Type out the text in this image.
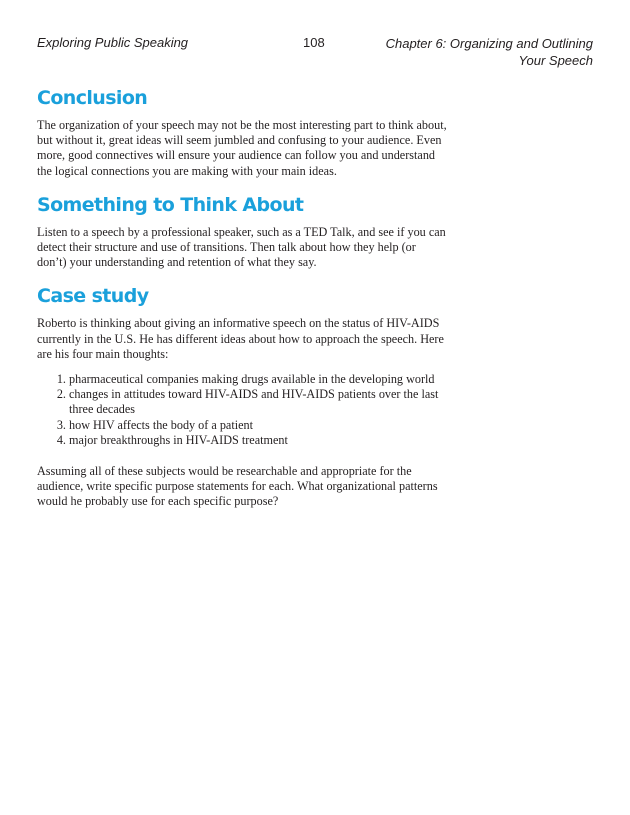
Exploring Public Speaking	108	Chapter 6: Organizing and Outlining
Your Speech
Conclusion

The organization of your speech may not be the most interesting part to think about, but without it, great ideas will seem jumbled and confusing to your audience. Even more, good connectives will ensure your audience can follow you and understand the logical connections you are making with your main ideas.

Something to Think About

Listen to a speech by a professional speaker, such as a TED Talk, and see if you can detect their structure and use of transitions. Then talk about how they help (or don’t) your understanding and retention of what they say.

Case study

Roberto is thinking about giving an informative speech on the status of HIV-AIDS currently in the U.S. He has different ideas about how to approach the speech. Here are his four main thoughts:

1. pharmaceutical companies making drugs available in the developing world
2. changes in attitudes toward HIV-AIDS and HIV-AIDS patients over the last three decades
3. how HIV affects the body of a patient
4. major breakthroughs in HIV-AIDS treatment

Assuming all of these subjects would be researchable and appropriate for the audience, write specific purpose statements for each. What organizational patterns would he probably use for each specific purpose?
